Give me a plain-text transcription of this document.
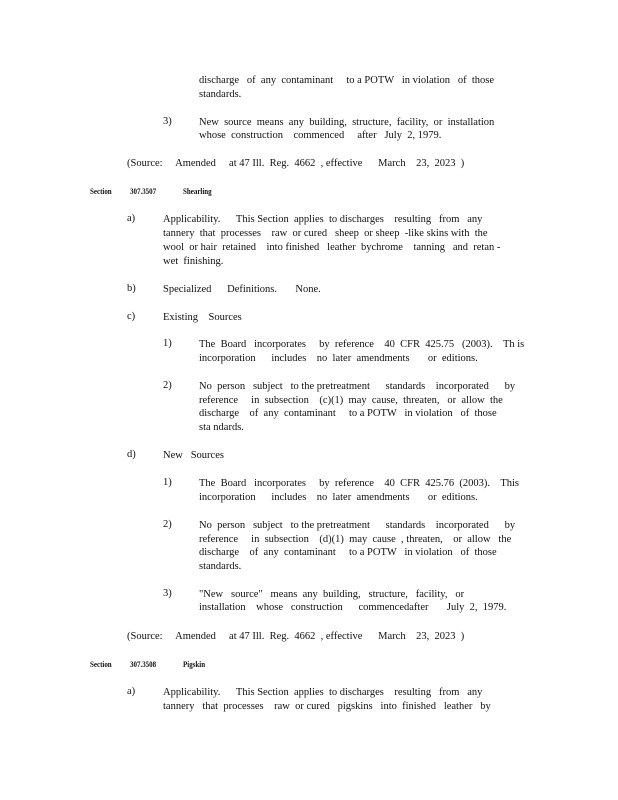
discharge   of  any  contaminant     to a POTW   in violation   of  those
standards.
3)	New  source  means  any  building,  structure,  facility,  or  installation
whose  construction    commenced     after   July  2, 1979.
(Source:     Amended     at 47 Ill.  Reg.  4662  , effective      March    23,  2023  )
Section 307.3507	Shearling
a)	Applicability.      This Section  applies  to discharges    resulting   from   any
tannery  that  processes    raw  or cured   sheep  or sheep  -like skins with  the
wool  or hair  retained    into finished   leather  bychrome    tanning   and  retan -
wet  finishing.
b)	Specialized      Definitions.       None.
c)	Existing    Sources
1)	The  Board   incorporates     by  reference    40  CFR  425.75   (2003).    Th is
incorporation      includes    no  later  amendments       or  editions.
2)	No  person   subject   to the pretreatment      standards    incorporated      by
reference     in  subsection    (c)(1)  may  cause,  threaten,   or  allow  the
discharge    of  any  contaminant     to a POTW   in violation   of  those
sta ndards.
d)	New   Sources
1)	The  Board   incorporates     by  reference    40  CFR  425.76  (2003).    This
incorporation      includes    no  later  amendments       or  editions.
2)	No  person   subject   to the pretreatment      standards    incorporated      by
reference     in  subsection    (d)(1)  may  cause  , threaten,    or  allow   the
discharge    of  any  contaminant     to a POTW   in violation   of  those
standards.
3)	"New   source"   means  any  building,   structure,   facility,   or
installation    whose   construction      commencedafter       July  2,  1979.
(Source:     Amended     at 47 Ill.  Reg.  4662  , effective      March    23,  2023  )
Section 307.3508	Pigskin
a)	Applicability.      This Section  applies  to discharges    resulting   from   any
tannery   that  processes    raw  or cured   pigskins   into  finished   leather   by
